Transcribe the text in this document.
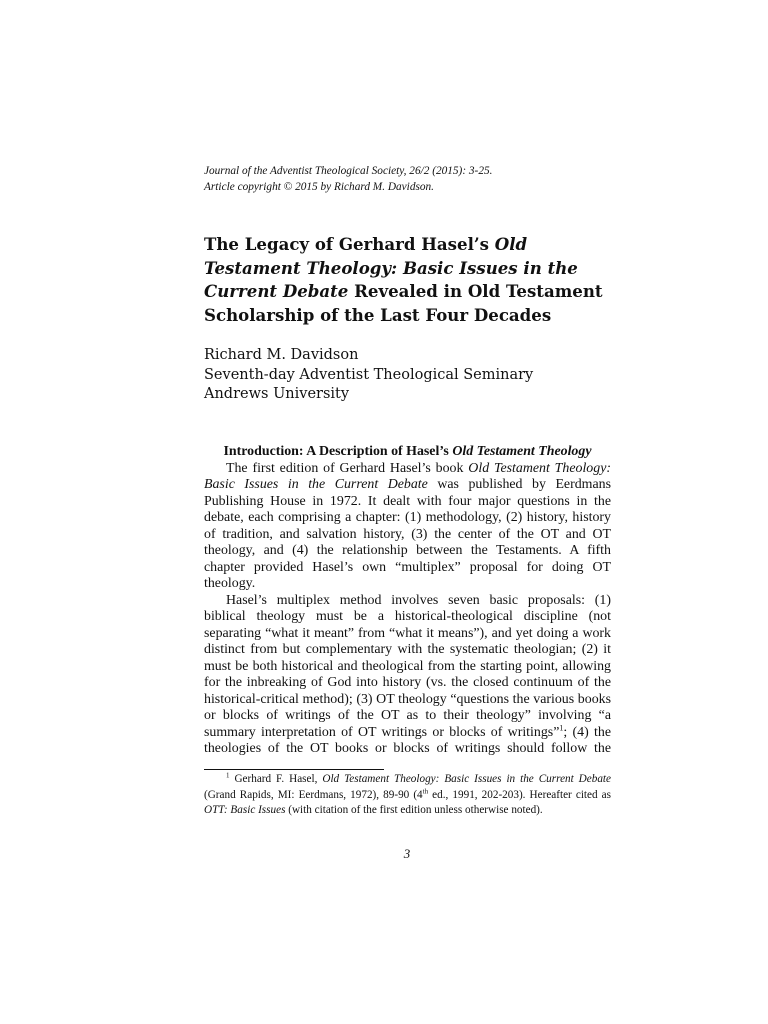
Journal of the Adventist Theological Society, 26/2 (2015): 3-25.
Article copyright © 2015 by Richard M. Davidson.
The Legacy of Gerhard Hasel’s Old
Testament Theology: Basic Issues in the
Current Debate Revealed in Old Testament
Scholarship of the Last Four Decades
Richard M. Davidson
Seventh-day Adventist Theological Seminary
Andrews University
Introduction: A Description of Hasel’s Old Testament Theology
The first edition of Gerhard Hasel’s book Old Testament Theology:
Basic Issues in the Current Debate was published by Eerdmans
Publishing House in 1972. It dealt with four major questions in the
debate, each comprising a chapter: (1) methodology, (2) history, history
of tradition, and salvation history, (3) the center of the OT and OT
theology, and (4) the relationship between the Testaments. A fifth
chapter provided Hasel’s own “multiplex” proposal for doing OT
theology.
Hasel’s multiplex method involves seven basic proposals: (1)
biblical theology must be a historical-theological discipline (not
separating “what it meant” from “what it means”), and yet doing a work
distinct from but complementary with the systematic theologian; (2) it
must be both historical and theological from the starting point, allowing
for the inbreaking of God into history (vs. the closed continuum of the
historical-critical method); (3) OT theology “questions the various books
or blocks of writings of the OT as to their theology” involving “a
summary interpretation of OT writings or blocks of writings”$^1$; (4) the
theologies of the OT books or blocks of writings should follow the
$^1$ Gerhard F. Hasel, Old Testament Theology: Basic Issues in the Current Debate
(Grand Rapids, MI: Eerdmans, 1972), 89-90 (4th ed., 1991, 202-203). Hereafter cited as
OTT: Basic Issues (with citation of the first edition unless otherwise noted).
3
